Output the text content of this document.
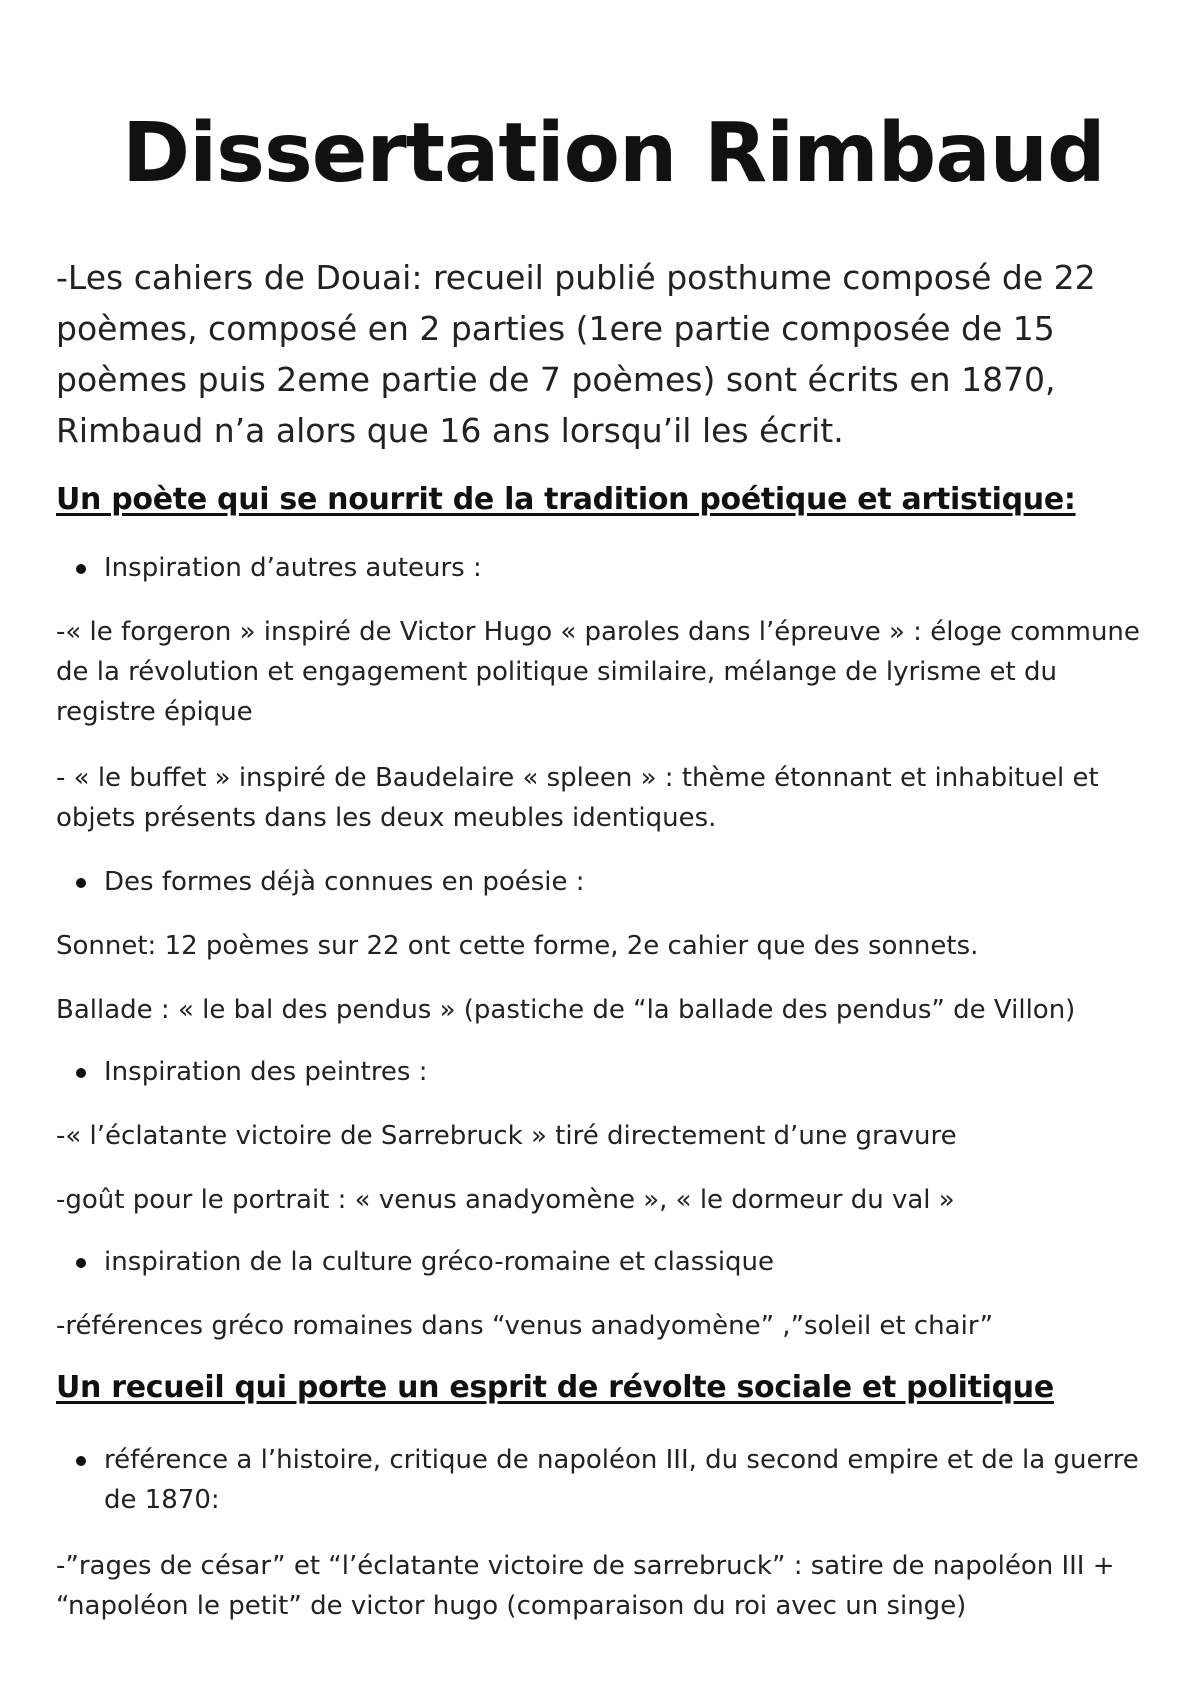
Dissertation Rimbaud

-Les cahiers de Douai: recueil publié posthume composé de 22 poèmes, composé en 2 parties (1ere partie composée de 15 poèmes puis 2eme partie de 7 poèmes) sont écrits en 1870, Rimbaud n’a alors que 16 ans lorsqu’il les écrit.

Un poète qui se nourrit de la tradition poétique et artistique:
Inspiration d’autres auteurs :

-« le forgeron » inspiré de Victor Hugo « paroles dans l’épreuve » : éloge commune de la révolution et engagement politique similaire, mélange de lyrisme et du registre épique

- « le buffet » inspiré de Baudelaire « spleen » : thème étonnant et inhabituel et objets présents dans les deux meubles identiques.

Des formes déjà connues en poésie :

Sonnet: 12 poèmes sur 22 ont cette forme, 2e cahier que des sonnets.

Ballade : « le bal des pendus » (pastiche de “la ballade des pendus” de Villon)

Inspiration des peintres :

-« l’éclatante victoire de Sarrebruck » tiré directement d’une gravure

-goût pour le portrait : « venus anadyomène », « le dormeur du val »

inspiration de la culture gréco-romaine et classique

-références gréco romaines dans “venus anadyomène” ,”soleil et chair”

Un recueil qui porte un esprit de révolte sociale et politique
référence a l’histoire, critique de napoléon III, du second empire et de la guerre de 1870:

-”rages de césar” et “l’éclatante victoire de sarrebruck” : satire de napoléon III + “napoléon le petit” de victor hugo (comparaison du roi avec un singe)
